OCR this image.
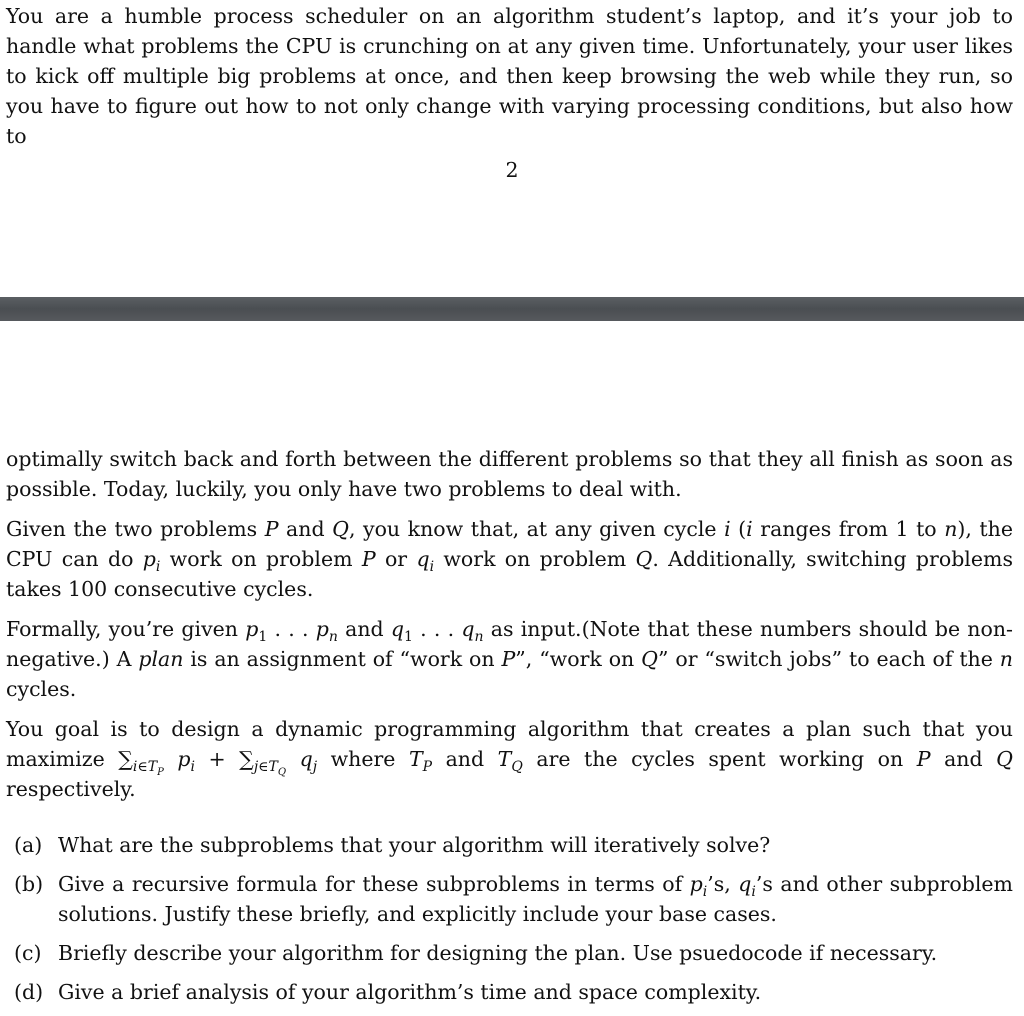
You are a humble process scheduler on an algorithm student’s laptop, and it’s your job to handle what problems the CPU is crunching on at any given time. Unfortunately, your user likes to kick off multiple big problems at once, and then keep browsing the web while they run, so you have to figure out how to not only change with varying processing conditions, but also how to
2

optimally switch back and forth between the different problems so that they all finish as soon as possible. Today, luckily, you only have two problems to deal with.

Given the two problems P and Q, you know that, at any given cycle i (i ranges from 1 to n), the CPU can do $p_i$ work on problem P or $q_i$ work on problem Q. Additionally, switching problems takes 100 consecutive cycles.

Formally, you’re given $p_1$ . . . $p_n$ and $q_1$ . . . $q_n$ as input.(Note that these numbers should be non-negative.) A plan is an assignment of “work on P”, “work on Q” or “switch jobs” to each of the n cycles.

You goal is to design a dynamic programming algorithm that creates a plan such that you maximize $\sum_{i\in T_P}$ $p_i + \sum_{j\in T_Q}$ $q_j$ where $T_P$ and $T_Q$ are the cycles spent working on P and Q respectively.

(a) What are the subproblems that your algorithm will iteratively solve?
(b) Give a recursive formula for these subproblems in terms of $p_i’s$, $q_i’s$ and other subproblem solutions. Justify these briefly, and explicitly include your base cases.
(c) Briefly describe your algorithm for designing the plan. Use psuedocode if necessary.
(d) Give a brief analysis of your algorithm’s time and space complexity.
